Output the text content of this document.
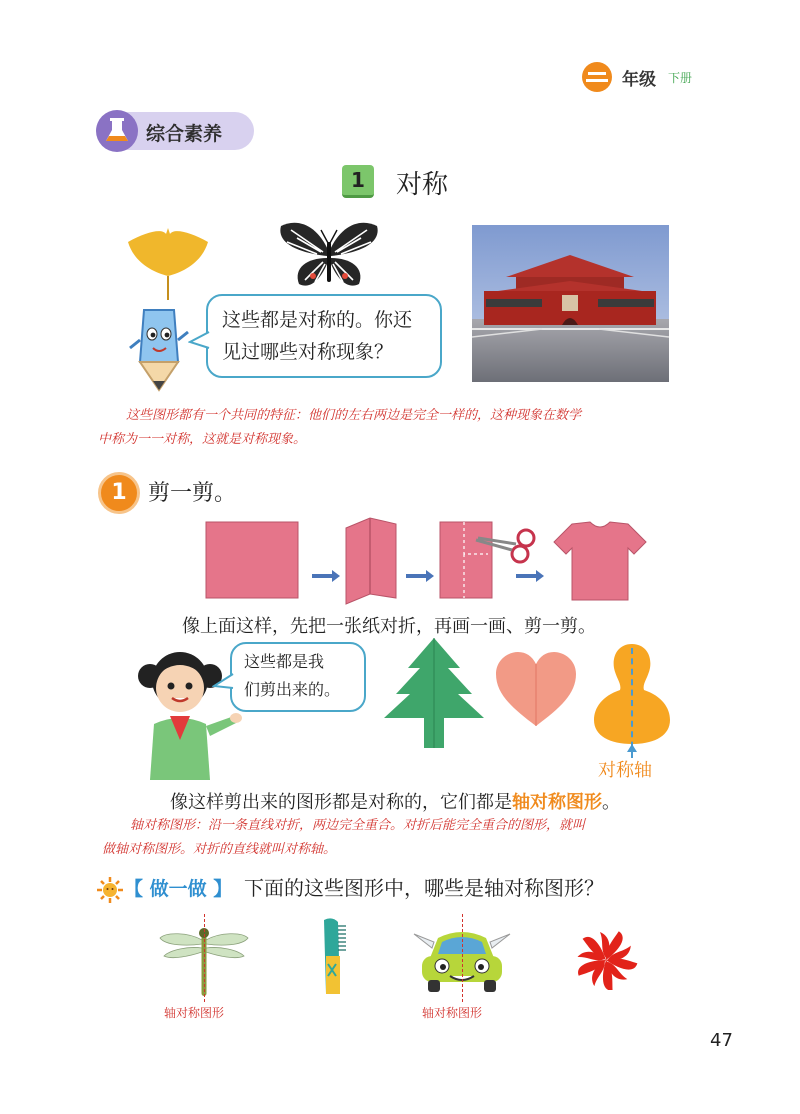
年级 下册
综合素养
1	对称
这些都是对称的。你还
见过哪些对称现象？
这些图形都有一个共同的特征：他们的左右两边是完全一样的，这种现象在数学
中称为一一对称，这就是对称现象。
1 剪一剪。
像上面这样，先把一张纸对折，再画一画、剪一剪。
这些都是我
们剪出来的。
对称轴
像这样剪出来的图形都是对称的，它们都是轴对称图形。
轴对称图形：沿一条直线对折，两边完全重合。对折后能完全重合的图形，就叫
做轴对称图形。对折的直线就叫对称轴。
【 做一做 】 下面的这些图形中，哪些是轴对称图形？
轴对称图形	轴对称图形
47
